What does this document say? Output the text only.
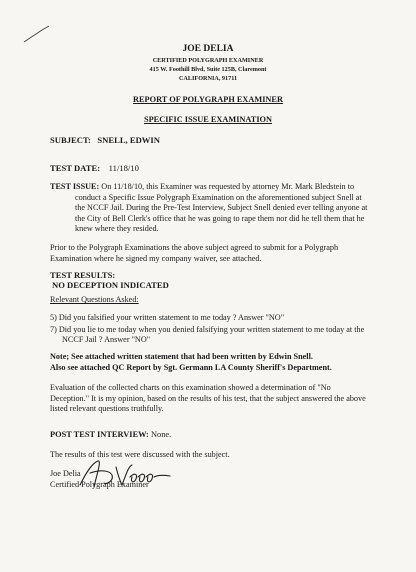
JOE DELIA
CERTIFIED POLYGRAPH EXAMINER
415 W. Foothill Blvd, Suite 125B, Claremont
CALIFORNIA, 91711
REPORT OF POLYGRAPH EXAMINER
SPECIFIC ISSUE EXAMINATION
SUBJECT: SNELL, EDWIN
TEST DATE: 11/18/10
TEST ISSUE: On 11/18/10, this Examiner was requested by attorney Mr. Mark Bledstein to
conduct a Specific Issue Polygraph Examination on the aforementioned subject Snell at
the NCCF Jail. During the Pre-Test Interview, Subject Snell denied ever telling anyone at
the City of Bell Clerk's office that he was going to rape them nor did he tell them that he
knew where they resided.
Prior to the Polygraph Examinations the above subject agreed to submit for a Polygraph
Examination where he signed my company waiver, see attached.
TEST RESULTS:
NO DECEPTION INDICATED
Relevant Questions Asked:
5) Did you falsified your written statement to me today ? Answer "NO"
7) Did you lie to me today when you denied falsifying your written statement to me today at the
NCCF Jail ? Answer "NO"
Note; See attached written statement that had been written by Edwin Snell.
Also see attached QC Report by Sgt. Germann LA County Sheriff's Department.
Evaluation of the collected charts on this examination showed a determination of "No
Deception." It is my opinion, based on the results of his test, that the subject answered the above
listed relevant questions truthfully.
POST TEST INTERVIEW: None.
The results of this test were discussed with the subject.
Joe Delia
Certified Polygraph Examiner
